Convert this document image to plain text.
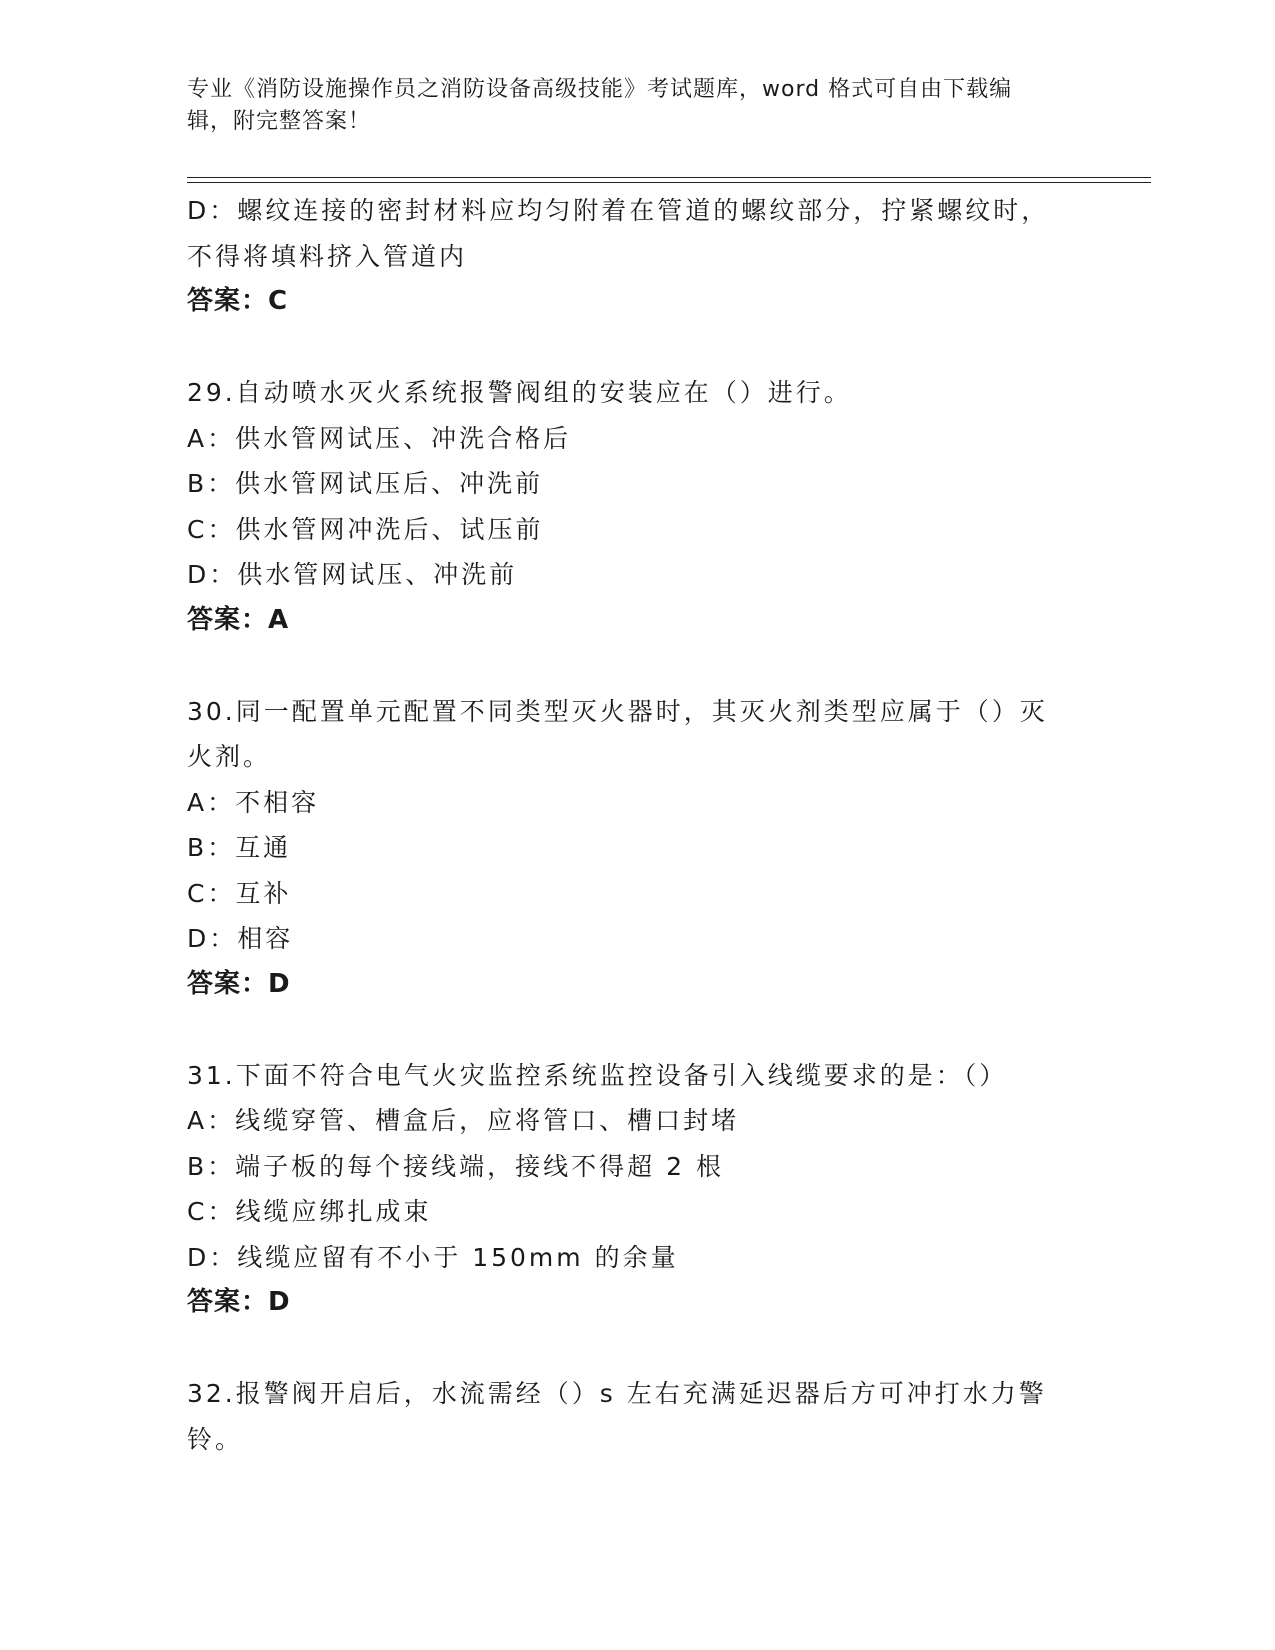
专业《消防设施操作员之消防设备高级技能》考试题库，word 格式可自由下载编
辑，附完整答案！
D：螺纹连接的密封材料应均匀附着在管道的螺纹部分，拧紧螺纹时，
不得将填料挤入管道内
答案：C
29.自动喷水灭火系统报警阀组的安装应在（）进行。
A：供水管网试压、冲洗合格后
B：供水管网试压后、冲洗前
C：供水管网冲洗后、试压前
D：供水管网试压、冲洗前
答案：A
30.同一配置单元配置不同类型灭火器时，其灭火剂类型应属于（）灭
火剂。
A：不相容
B：互通
C：互补
D：相容
答案：D
31.下面不符合电气火灾监控系统监控设备引入线缆要求的是：（）
A：线缆穿管、槽盒后，应将管口、槽口封堵
B：端子板的每个接线端，接线不得超 2 根
C：线缆应绑扎成束
D：线缆应留有不小于 150mm 的余量
答案：D
32.报警阀开启后，水流需经（）s 左右充满延迟器后方可冲打水力警
铃。
